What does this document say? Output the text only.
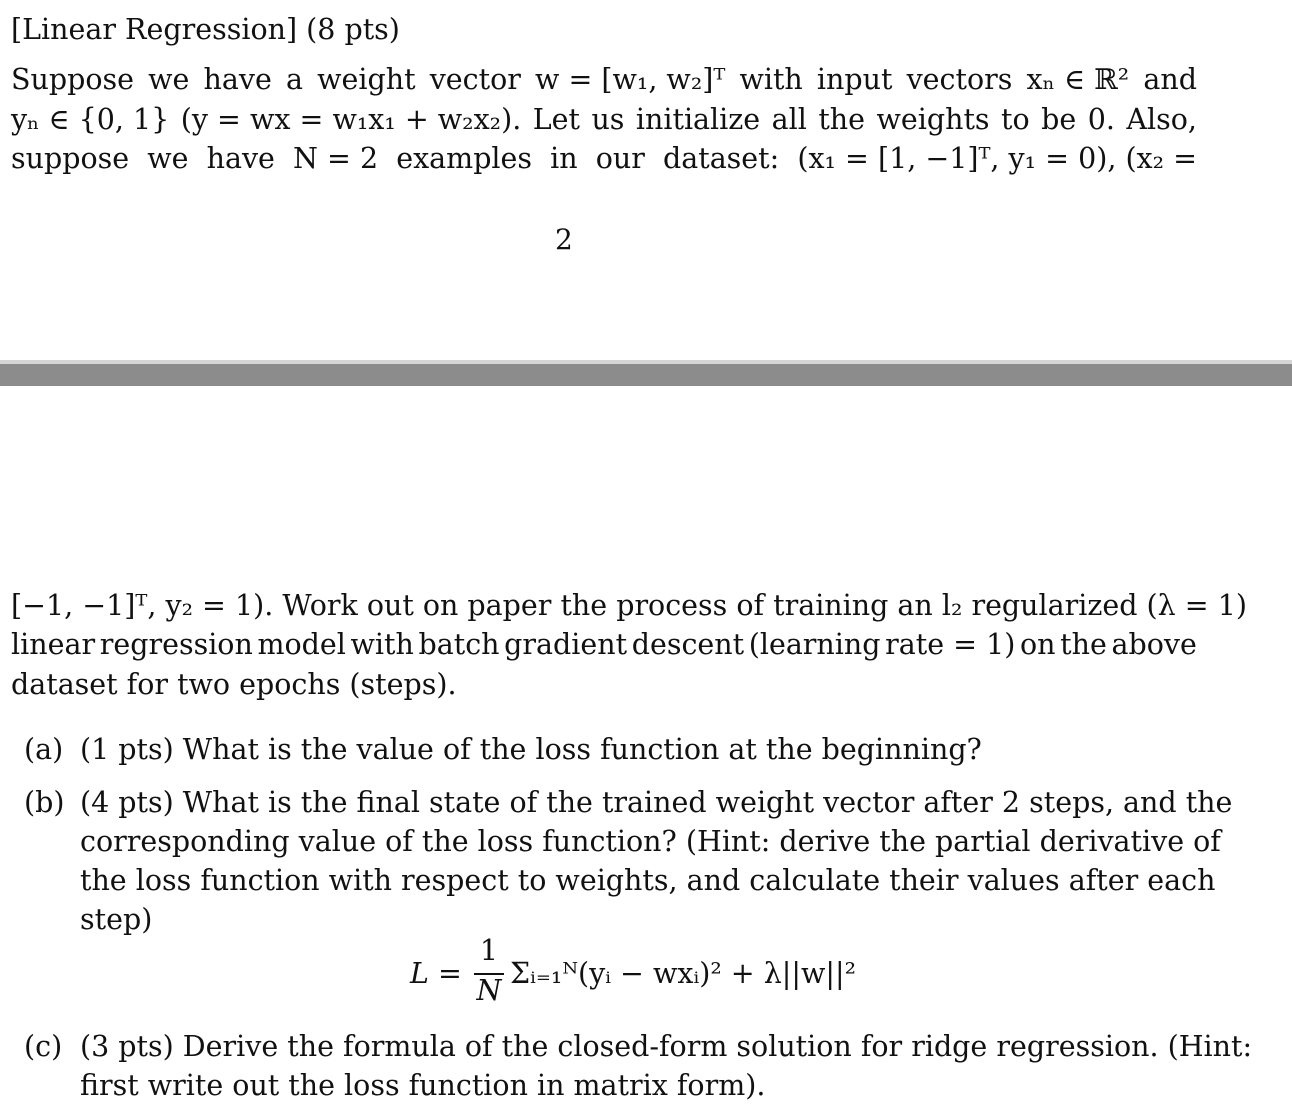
[Linear Regression] (8 pts)
Suppose we have a weight vector w = [w₁, w₂]ᵀ with input vectors xₙ ∈ ℝ² and
yₙ ∈ {0, 1} (y = wx = w₁x₁ + w₂x₂). Let us initialize all the weights to be 0. Also,
suppose we have N = 2 examples in our dataset: (x₁ = [1, −1]ᵀ, y₁ = 0), (x₂ =
2
[−1, −1]ᵀ, y₂ = 1). Work out on paper the process of training an l₂ regularized (λ = 1)
linear regression model with batch gradient descent (learning rate = 1) on the above
dataset for two epochs (steps).
(a) (1 pts) What is the value of the loss function at the beginning?
(b) (4 pts) What is the final state of the trained weight vector after 2 steps, and the
corresponding value of the loss function? (Hint: derive the partial derivative of
the loss function with respect to weights, and calculate their values after each
step)
L =
1
N
Σᵢ₌₁ᴺ(yᵢ − wxᵢ)² + λ||w||²
(c) (3 pts) Derive the formula of the closed-form solution for ridge regression. (Hint:
first write out the loss function in matrix form).
